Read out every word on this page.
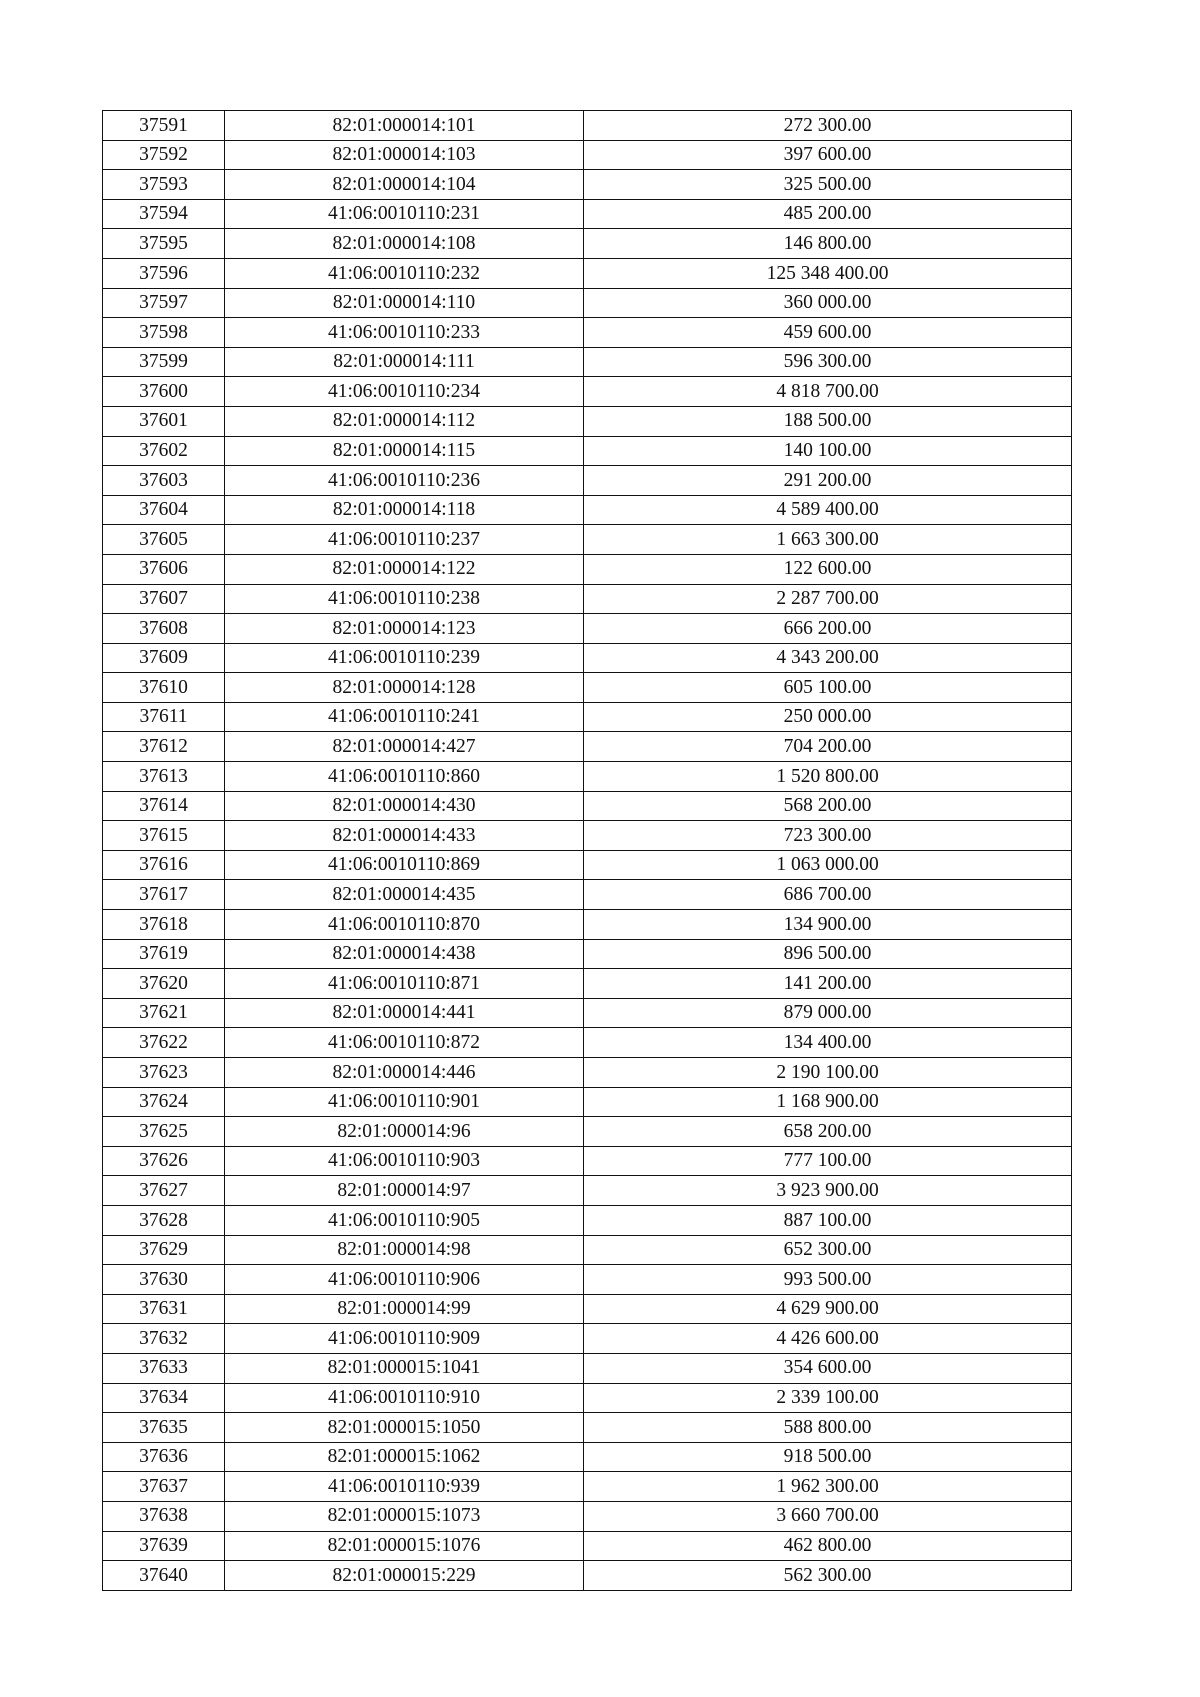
37591	82:01:000014:101	272 300.00
37592	82:01:000014:103	397 600.00
37593	82:01:000014:104	325 500.00
37594	41:06:0010110:231	485 200.00
37595	82:01:000014:108	146 800.00
37596	41:06:0010110:232	125 348 400.00
37597	82:01:000014:110	360 000.00
37598	41:06:0010110:233	459 600.00
37599	82:01:000014:111	596 300.00
37600	41:06:0010110:234	4 818 700.00
37601	82:01:000014:112	188 500.00
37602	82:01:000014:115	140 100.00
37603	41:06:0010110:236	291 200.00
37604	82:01:000014:118	4 589 400.00
37605	41:06:0010110:237	1 663 300.00
37606	82:01:000014:122	122 600.00
37607	41:06:0010110:238	2 287 700.00
37608	82:01:000014:123	666 200.00
37609	41:06:0010110:239	4 343 200.00
37610	82:01:000014:128	605 100.00
37611	41:06:0010110:241	250 000.00
37612	82:01:000014:427	704 200.00
37613	41:06:0010110:860	1 520 800.00
37614	82:01:000014:430	568 200.00
37615	82:01:000014:433	723 300.00
37616	41:06:0010110:869	1 063 000.00
37617	82:01:000014:435	686 700.00
37618	41:06:0010110:870	134 900.00
37619	82:01:000014:438	896 500.00
37620	41:06:0010110:871	141 200.00
37621	82:01:000014:441	879 000.00
37622	41:06:0010110:872	134 400.00
37623	82:01:000014:446	2 190 100.00
37624	41:06:0010110:901	1 168 900.00
37625	82:01:000014:96	658 200.00
37626	41:06:0010110:903	777 100.00
37627	82:01:000014:97	3 923 900.00
37628	41:06:0010110:905	887 100.00
37629	82:01:000014:98	652 300.00
37630	41:06:0010110:906	993 500.00
37631	82:01:000014:99	4 629 900.00
37632	41:06:0010110:909	4 426 600.00
37633	82:01:000015:1041	354 600.00
37634	41:06:0010110:910	2 339 100.00
37635	82:01:000015:1050	588 800.00
37636	82:01:000015:1062	918 500.00
37637	41:06:0010110:939	1 962 300.00
37638	82:01:000015:1073	3 660 700.00
37639	82:01:000015:1076	462 800.00
37640	82:01:000015:229	562 300.00
